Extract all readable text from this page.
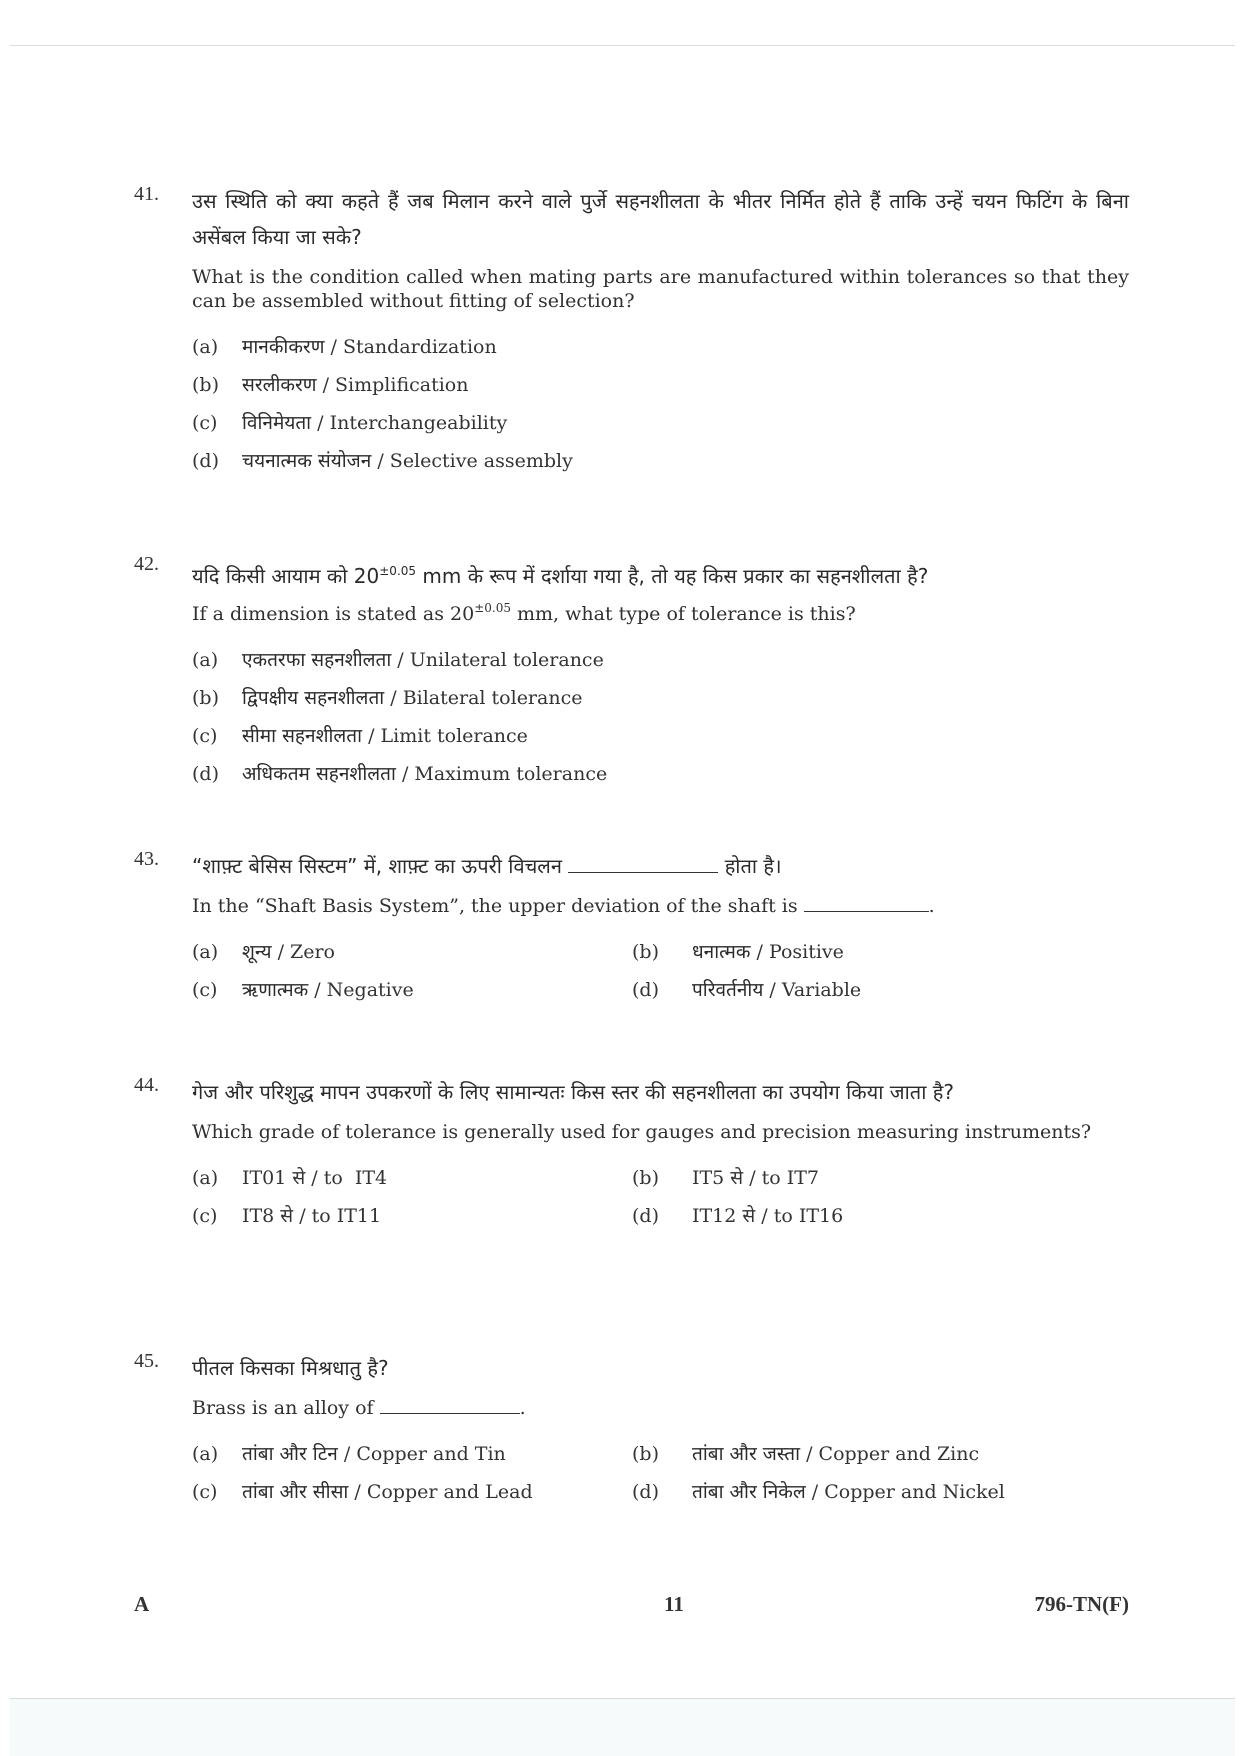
41. उस स्थिति को क्या कहते हैं जब मिलान करने वाले पुर्जे सहनशीलता के भीतर निर्मित होते हैं ताकि उन्हें चयन फिटिंग के बिना असेंबल किया जा सके?
What is the condition called when mating parts are manufactured within tolerances so that they can be assembled without fitting of selection?
(a)	मानकीकरण / Standardization
(b)	सरलीकरण / Simplification
(c)	विनिमेयता / Interchangeability
(d)	चयनात्मक संयोजन / Selective assembly
42. यदि किसी आयाम को $20^{\pm 0.05}$ mm के रूप में दर्शाया गया है, तो यह किस प्रकार का सहनशीलता है?
If a dimension is stated as $20^{\pm 0.05}$ mm, what type of tolerance is this?
(a)	एकतरफा सहनशीलता / Unilateral tolerance
(b)	द्विपक्षीय सहनशीलता / Bilateral tolerance
(c)	सीमा सहनशीलता / Limit tolerance
(d)	अधिकतम सहनशीलता / Maximum tolerance
43. “शाफ़्ट बेसिस सिस्टम” में, शाफ़्ट का ऊपरी विचलन	होता है।
In the “Shaft Basis System”, the upper deviation of the shaft is	.
(a)	शून्य / Zero	(b)	धनात्मक / Positive
(c)	ऋणात्मक / Negative	(d)	परिवर्तनीय / Variable
44. गेज और परिशुद्ध मापन उपकरणों के लिए सामान्यतः किस स्तर की सहनशीलता का उपयोग किया जाता है?
Which grade of tolerance is generally used for gauges and precision measuring instruments?
(a)	IT01 से / to  IT4	(b)	IT5 से / to IT7
(c)	IT8 से / to IT11	(d)	IT12 से / to IT16
45. पीतल किसका मिश्रधातु है?
Brass is an alloy of	.
(a)	तांबा और टिन / Copper and Tin	(b)	तांबा और जस्ता / Copper and Zinc
(c)	तांबा और सीसा / Copper and Lead	(d)	तांबा और निकेल / Copper and Nickel
A	11	796-TN(F)
